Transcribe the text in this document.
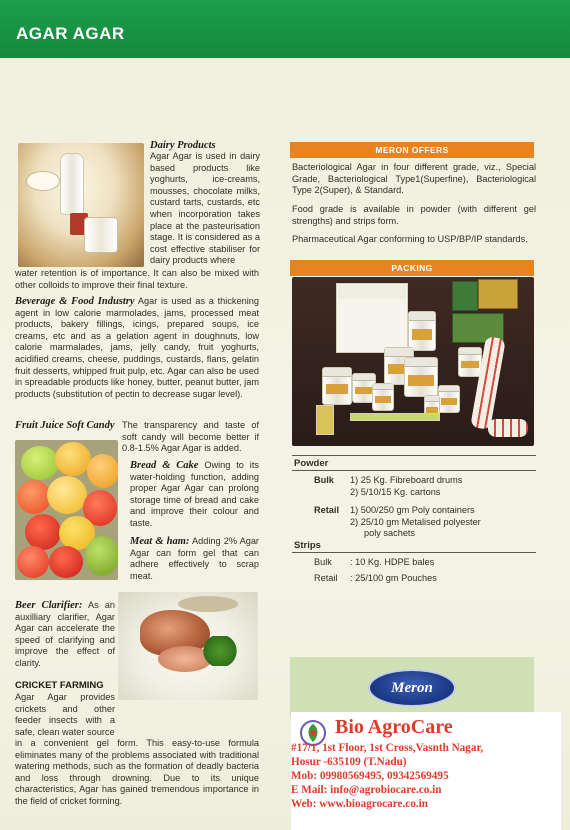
AGAR AGAR
Dairy Products
Agar Agar is used in dairy based products like yoghurts, ice-creams, mousses, chocolate milks, custard tarts, custards, etc when incorporation takes place at the pasteurisation stage. It is considered as a cost effective stabiliser for dairy products where
water retention is of importance. It can also be mixed with other colloids to improve their final texture.
Beverage & Food Industry Agar is used as a thickening agent in low calorie marmolades, jams, processed meat products, bakery fillings, icings, prepared soups, ice creams, etc and as a gelation agent in doughnuts, low calorie marmalades, jams, jelly candy, fruit yoghurts, acidified creams, cheese, puddings, custards, flans, gelatin fruit desserts, whipped fruit pulp, etc. Agar can also be used in spreadable products like honey, butter, peanut butter, jam products (substitution of pectin to decrease sugar level).
Fruit Juice Soft Candy The transparency and taste of soft candy will become better if 0.8-1.5% Agar Agar is added.
Bread & Cake Owing to its water-holding function, adding proper Agar Agar can prolong storage time of bread and cake and improve their colour and taste.
Meat & ham: Adding 2% Agar Agar can form gel that can adhere effectively to scrap meat.
Beer Clarifier: As an auxilliary clarifier, Agar Agar can accelerate the speed of clarifying and improve the effect of clarity.
CRICKET FARMING
Agar Agar provides crickets and other feeder insects with a safe, clean water source
in a convenient gel form. This easy-to-use formula eliminates many of the problems associated with traditional watering methods, such as the formation of deadly bacteria and loss through drowning. Due to its unique characteristics, Agar has gained tremendous importance in the field of cricket forming.
MERON OFFERS
Bacteriological Agar in four different grade, viz., Special Grade, Bacteriological Type1(Superfine), Bacteriological Type 2(Super), & Standard.
Food grade is available in powder (with different gel strengths) and strips form.
Pharmaceutical Agar conforming to USP/BP/IP standards.
PACKING
Powder
Bulk 1) 25 Kg. Fibreboard drums
2) 5/10/15 Kg. cartons
Retail 1) 500/250 gm Poly containers
2) 25/10 gm Metalised polyester
poly sachets
Strips
Bulk : 10 Kg. HDPE bales
Retail : 25/100 gm Pouches
Meron
Bio AgroCare
#17/1, 1st Floor, 1st Cross,Vasnth Nagar,
Hosur -635109 (T.Nadu)
Mob: 09980569495, 09342569495
E Mail: info@agrobiocare.co.in
Web: www.bioagrocare.co.in
